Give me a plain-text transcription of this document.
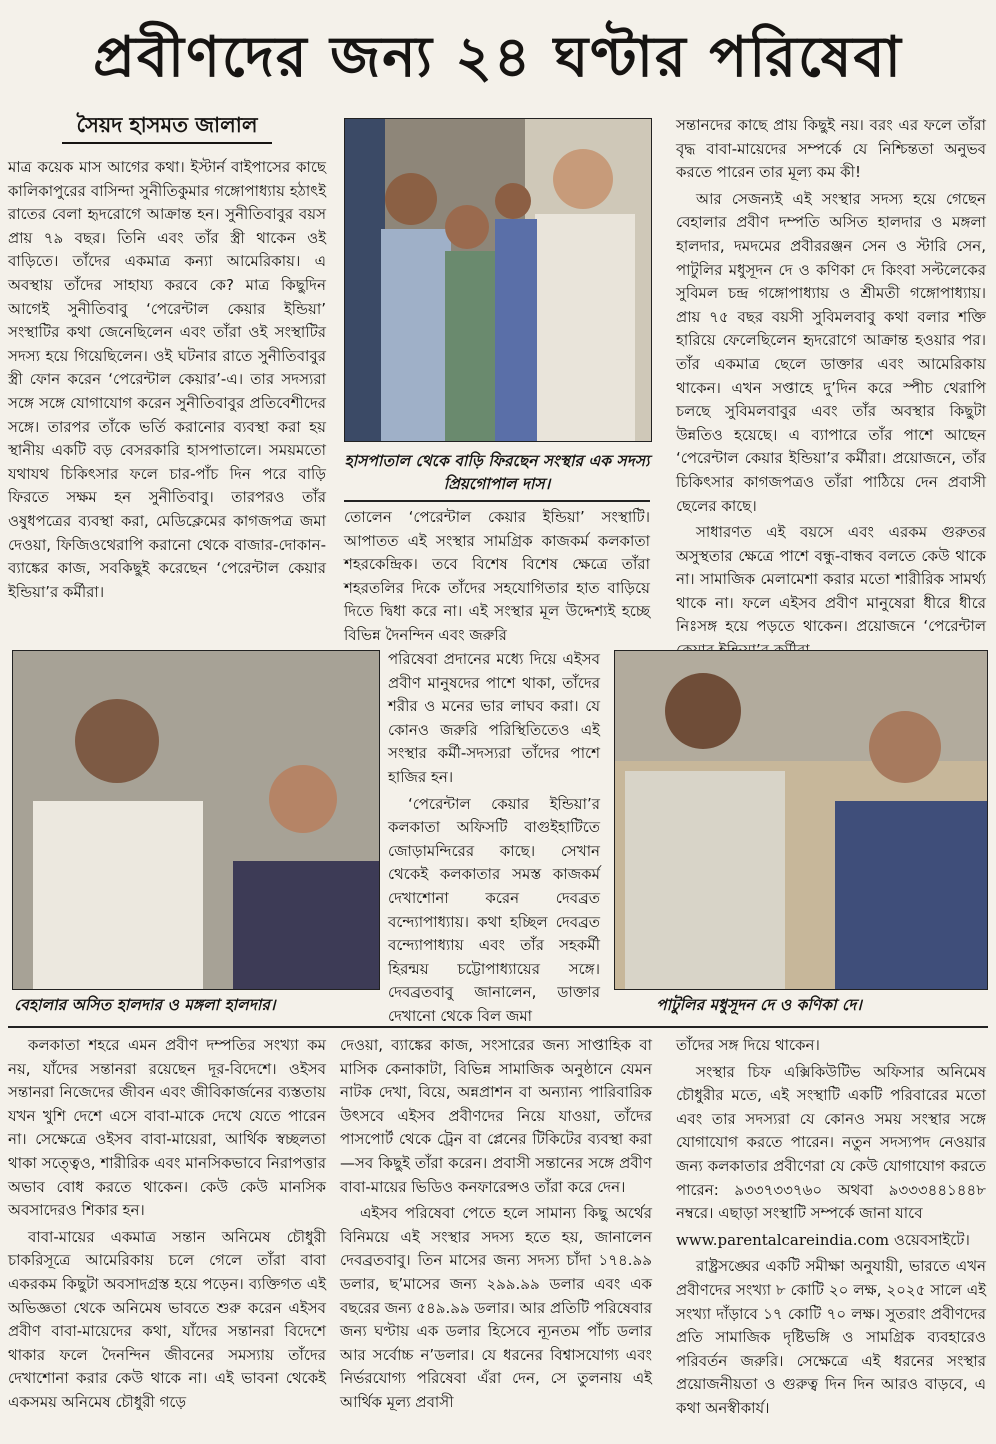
প্রবীণদের জন্য ২৪ ঘণ্টার পরিষেবা
সৈয়দ হাসমত জালাল

মাত্র কয়েক মাস আগের কথা। ইস্টার্ন বাইপাসের কাছে কালিকাপুরের বাসিন্দা সুনীতিকুমার গঙ্গোপাধ্যায় হঠাৎই রাতের বেলা হৃদরোগে আক্রান্ত হন। সুনীতিবাবুর বয়স প্রায় ৭৯ বছর। তিনি এবং তাঁর স্ত্রী থাকেন ওই বাড়িতে। তাঁদের একমাত্র কন্যা আমেরিকায়। এ অবস্থায় তাঁদের সাহায্য করবে কে? মাত্র কিছুদিন আগেই সুনীতিবাবু ‘পেরেন্টাল কেয়ার ইন্ডিয়া’ সংস্থাটির কথা জেনেছিলেন এবং তাঁরা ওই সংস্থাটির সদস্য হয়ে গিয়েছিলেন। ওই ঘটনার রাতে সুনীতিবাবুর স্ত্রী ফোন করেন ‘পেরেন্টাল কেয়ার’-এ। তার সদস্যরা সঙ্গে সঙ্গে যোগাযোগ করেন সুনীতিবাবুর প্রতিবেশীদের সঙ্গে। তারপর তাঁকে ভর্তি করানোর ব্যবস্থা করা হয় স্থানীয় একটি বড় বেসরকারি হাসপাতালে। সময়মতো যথাযথ চিকিৎসার ফলে চার-পাঁচ দিন পরে বাড়ি ফিরতে সক্ষম হন সুনীতিবাবু। তারপরও তাঁর ওষুধপত্রের ব্যবস্থা করা, মেডিক্লেমের কাগজপত্র জমা দেওয়া, ফিজিওথেরাপি করানো থেকে বাজার-দোকান-ব্যাঙ্কের কাজ, সবকিছুই করেছেন ‘পেরেন্টাল কেয়ার ইন্ডিয়া’র কর্মীরা।

হাসপাতাল থেকে বাড়ি ফিরছেন সংস্থার এক সদস্য প্রিয়গোপাল দাস।

তোলেন ‘পেরেন্টাল কেয়ার ইন্ডিয়া’ সংস্থাটি। আপাতত এই সংস্থার সামগ্রিক কাজকর্ম কলকাতা শহরকেন্দ্রিক। তবে বিশেষ বিশেষ ক্ষেত্রে তাঁরা শহরতলির দিকে তাঁদের সহযোগিতার হাত বাড়িয়ে দিতে দ্বিধা করে না। এই সংস্থার মূল উদ্দেশ্যই হচ্ছে বিভিন্ন দৈনন্দিন এবং জরুরি

সন্তানদের কাছে প্রায় কিছুই নয়। বরং এর ফলে তাঁরা বৃদ্ধ বাবা-মায়েদের সম্পর্কে যে নিশ্চিন্ততা অনুভব করতে পারেন তার মূল্য কম কী!

আর সেজন্যই এই সংস্থার সদস্য হয়ে গেছেন বেহালার প্রবীণ দম্পতি অসিত হালদার ও মঙ্গলা হালদার, দমদমের প্রবীররঞ্জন সেন ও স্টারি সেন, পাটুলির মধুসূদন দে ও কণিকা দে কিংবা সল্টলেকের সুবিমল চন্দ্র গঙ্গোপাধ্যায় ও শ্রীমতী গঙ্গোপাধ্যায়। প্রায় ৭৫ বছর বয়সী সুবিমলবাবু কথা বলার শক্তি হারিয়ে ফেলেছিলেন হৃদরোগে আক্রান্ত হওয়ার পর। তাঁর একমাত্র ছেলে ডাক্তার এবং আমেরিকায় থাকেন। এখন সপ্তাহে দু’দিন করে স্পীচ থেরাপি চলছে সুবিমলবাবুর এবং তাঁর অবস্থার কিছুটা উন্নতিও হয়েছে। এ ব্যাপারে তাঁর পাশে আছেন ‘পেরেন্টাল কেয়ার ইন্ডিয়া’র কর্মীরা। প্রয়োজনে, তাঁর চিকিৎসার কাগজপত্রও তাঁরা পাঠিয়ে দেন প্রবাসী ছেলের কাছে।

সাধারণত এই বয়সে এবং এরকম গুরুতর অসুস্থতার ক্ষেত্রে পাশে বন্ধু-বান্ধব বলতে কেউ থাকে না। সামাজিক মেলামেশা করার মতো শারীরিক সামর্থ্য থাকে না। ফলে এইসব প্রবীণ মানুষেরা ধীরে ধীরে নিঃসঙ্গ হয়ে পড়তে থাকেন। প্রয়োজনে ‘পেরেন্টাল

বেহালার অসিত হালদার ও মঙ্গলা হালদার।

পরিষেবা প্রদানের মধ্যে দিয়ে এইসব প্রবীণ মানুষদের পাশে থাকা, তাঁদের শরীর ও মনের ভার লাঘব করা। যে কোনও জরুরি পরিস্থিতিতেও এই সংস্থার কর্মী-সদস্যরা তাঁদের পাশে হাজির হন।

‘পেরেন্টাল কেয়ার ইন্ডিয়া’র কলকাতা অফিসটি বাগুইহাটিতে জোড়ামন্দিরের কাছে। সেখান থেকেই কলকাতার সমস্ত কাজকর্ম দেখাশোনা করেন দেবব্রত বন্দ্যোপাধ্যায়। কথা হচ্ছিল দেবব্রত বন্দ্যোপাধ্যায় এবং তাঁর সহকর্মী হিরন্ময় চট্টোপাধ্যায়ের সঙ্গে। দেবব্রতবাবু জানালেন, ডাক্তার দেখানো থেকে বিল জমা

পাটুলির মধুসূদন দে ও কণিকা দে।

কলকাতা শহরে এমন প্রবীণ দম্পতির সংখ্যা কম নয়, যাঁদের সন্তানরা রয়েছেন দূর-বিদেশে। ওইসব সন্তানরা নিজেদের জীবন এবং জীবিকার্জনের ব্যস্ততায় যখন খুশি দেশে এসে বাবা-মাকে দেখে যেতে পারেন না। সেক্ষেত্রে ওইসব বাবা-মায়েরা, আর্থিক স্বচ্ছলতা থাকা সত্ত্বেও, শারীরিক এবং মানসিকভাবে নিরাপত্তার অভাব বোধ করতে থাকেন। কেউ কেউ মানসিক অবসাদেরও শিকার হন।

বাবা-মায়ের একমাত্র সন্তান অনিমেষ চৌধুরী চাকরিসূত্রে আমেরিকায় চলে গেলে তাঁরা বাবা একরকম কিছুটা অবসাদগ্রস্ত হয়ে পড়েন। ব্যক্তিগত এই অভিজ্ঞতা থেকে অনিমেষ ভাবতে শুরু করেন এইসব প্রবীণ বাবা-মায়েদের কথা, যাঁদের সন্তানরা বিদেশে থাকার ফলে দৈনন্দিন জীবনের সমস্যায় তাঁদের দেখাশোনা করার কেউ থাকে না। এই ভাবনা থেকেই একসময় অনিমেষ চৌধুরী গড়ে

দেওয়া, ব্যাঙ্কের কাজ, সংসারের জন্য সাপ্তাহিক বা মাসিক কেনাকাটা, বিভিন্ন সামাজিক অনুষ্ঠানে যেমন নাটক দেখা, বিয়ে, অন্নপ্রাশন বা অন্যান্য পারিবারিক উৎসবে এইসব প্রবীণদের নিয়ে যাওয়া, তাঁদের পাসপোর্ট থেকে ট্রেন বা প্লেনের টিকিটের ব্যবস্থা করা—সব কিছুই তাঁরা করেন। প্রবাসী সন্তানের সঙ্গে প্রবীণ বাবা-মায়ের ভিডিও কনফারেন্সও তাঁরা করে দেন।

এইসব পরিষেবা পেতে হলে সামান্য কিছু অর্থের বিনিময়ে এই সংস্থার সদস্য হতে হয়, জানালেন দেবব্রতবাবু। তিন মাসের জন্য সদস্য চাঁদা ১৭৪.৯৯ ডলার, ছ’মাসের জন্য ২৯৯.৯৯ ডলার এবং এক বছরের জন্য ৫৪৯.৯৯ ডলার। আর প্রতিটি পরিষেবার জন্য ঘণ্টায় এক ডলার হিসেবে ন্যূনতম পাঁচ ডলার আর সর্বোচ্চ ন’ডলার। যে ধরনের বিশ্বাসযোগ্য এবং নির্ভরযোগ্য পরিষেবা এঁরা দেন, সে তুলনায় এই আর্থিক মূল্য প্রবাসী

তাঁদের সঙ্গ দিয়ে থাকেন।

সংস্থার চিফ এক্সিকিউটিভ অফিসার অনিমেষ চৌধুরীর মতে, এই সংস্থাটি একটি পরিবারের মতো এবং তার সদস্যরা যে কোনও সময় সংস্থার সঙ্গে যোগাযোগ করতে পারেন। নতুন সদস্যপদ নেওয়ার জন্য কলকাতার প্রবীণেরা যে কেউ যোগাযোগ করতে পারেন: ৯৩৩৭৩৩৭৬০ অথবা ৯৩৩৩৪৪১৪৪৮ নম্বরে। এছাড়া সংস্থাটি সম্পর্কে জানা যাবে

www.parentalcareindia.com ওয়েবসাইটে।

রাষ্ট্রসঙ্ঘের একটি সমীক্ষা অনুযায়ী, ভারতে এখন প্রবীণদের সংখ্যা ৮ কোটি ২০ লক্ষ, ২০২৫ সালে এই সংখ্যা দাঁড়াবে ১৭ কোটি ৭০ লক্ষ। সুতরাং প্রবীণদের প্রতি সামাজিক দৃষ্টিভঙ্গি ও সামগ্রিক ব্যবহারেও পরিবর্তন জরুরি। সেক্ষেত্রে এই ধরনের সংস্থার প্রয়োজনীয়তা ও গুরুত্ব দিন দিন আরও বাড়বে, এ কথা অনস্বীকার্য।
